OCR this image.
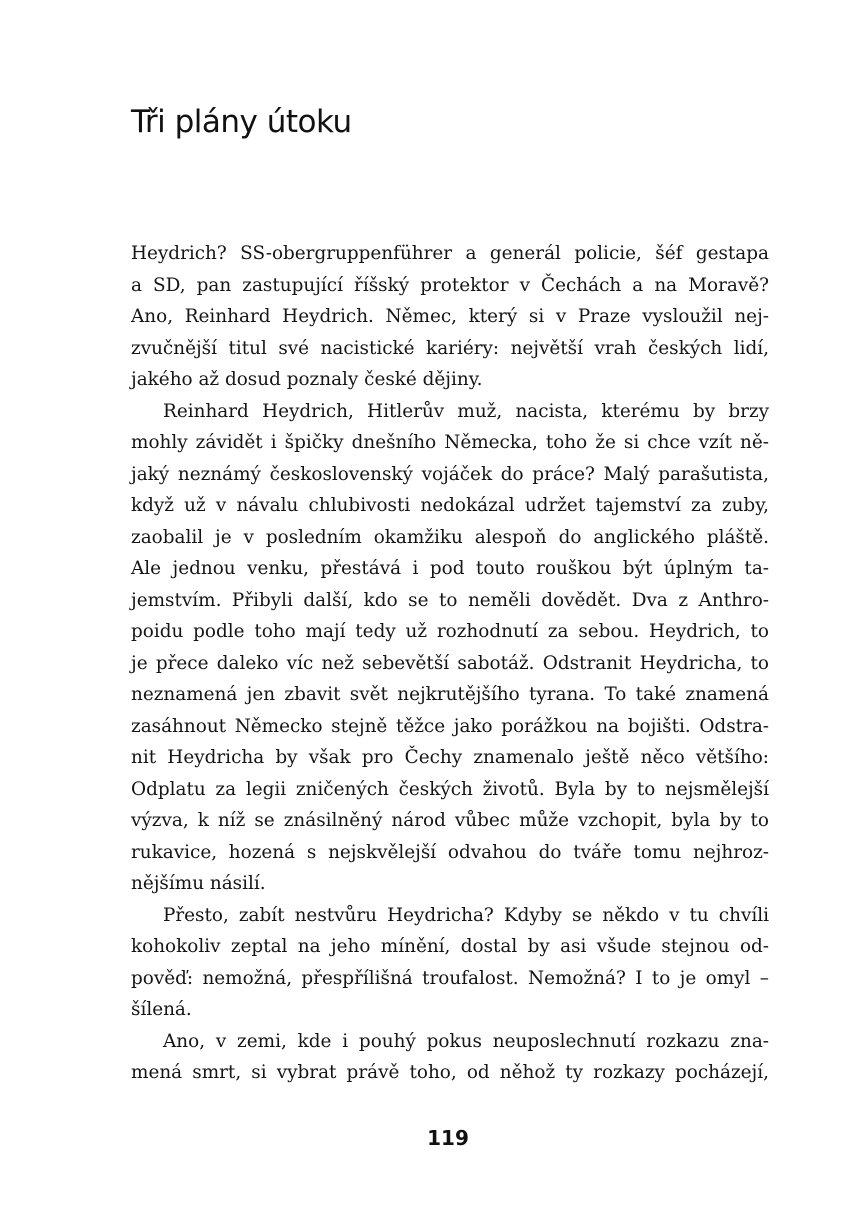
Tři plány útoku
Heydrich? SS-obergruppenführer a generál policie, šéf gestapa
a SD, pan zastupující říšský protektor v Čechách a na Moravě?
Ano, Reinhard Heydrich. Němec, který si v Praze vysloužil nej-
zvučnější titul své nacistické kariéry: největší vrah českých lidí,
jakého až dosud poznaly české dějiny.
Reinhard Heydrich, Hitlerův muž, nacista, kterému by brzy
mohly závidět i špičky dnešního Německa, toho že si chce vzít ně-
jaký neznámý československý vojáček do práce? Malý parašutista,
když už v návalu chlubivosti nedokázal udržet tajemství za zuby,
zaobalil je v posledním okamžiku alespoň do anglického pláště.
Ale jednou venku, přestává i pod touto rouškou být úplným ta-
jemstvím. Přibyli další, kdo se to neměli dovědět. Dva z Anthro-
poidu podle toho mají tedy už rozhodnutí za sebou. Heydrich, to
je přece daleko víc než sebevětší sabotáž. Odstranit Heydricha, to
neznamená jen zbavit svět nejkrutějšího tyrana. To také znamená
zasáhnout Německo stejně těžce jako porážkou na bojišti. Odstra-
nit Heydricha by však pro Čechy znamenalo ještě něco většího:
Odplatu za legii zničených českých životů. Byla by to nejsmělejší
výzva, k níž se znásilněný národ vůbec může vzchopit, byla by to
rukavice, hozená s nejskvělejší odvahou do tváře tomu nejhroz-
nějšímu násilí.
Přesto, zabít nestvůru Heydricha? Kdyby se někdo v tu chvíli
kohokoliv zeptal na jeho mínění, dostal by asi všude stejnou od-
pověď: nemožná, přespřílišná troufalost. Nemožná? I to je omyl –
šílená.
Ano, v zemi, kde i pouhý pokus neuposlechnutí rozkazu zna-
mená smrt, si vybrat právě toho, od něhož ty rozkazy pocházejí,
119
